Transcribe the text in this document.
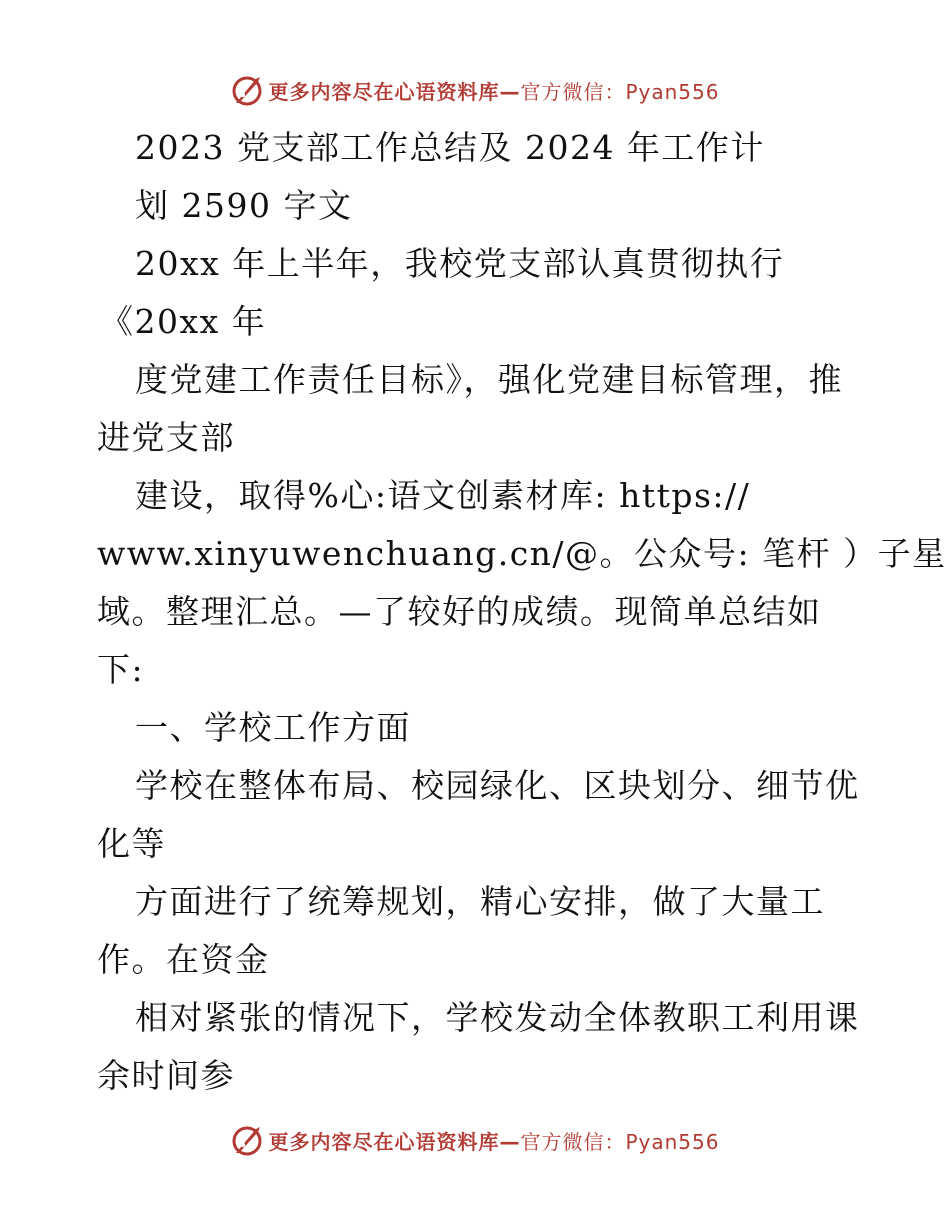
更多内容尽在心语资料库—官方微信：Pyan556
2023 党支部工作总结及 2024 年工作计
划 2590 字文
20xx 年上半年，我校党支部认真贯彻执行
《20xx 年
度党建工作责任目标》，强化党建目标管理，推
进党支部
建设，取得%心:语文创素材库: https://
www.xinyuwenchuang.cn/@。公众号: 笔杆 ）子星
域。整理汇总。—了较好的成绩。现简单总结如
下:
一、学校工作方面
学校在整体布局、校园绿化、区块划分、细节优
化等
方面进行了统筹规划，精心安排，做了大量工
作。在资金
相对紧张的情况下，学校发动全体教职工利用课
余时间参
更多内容尽在心语资料库—官方微信：Pyan556
